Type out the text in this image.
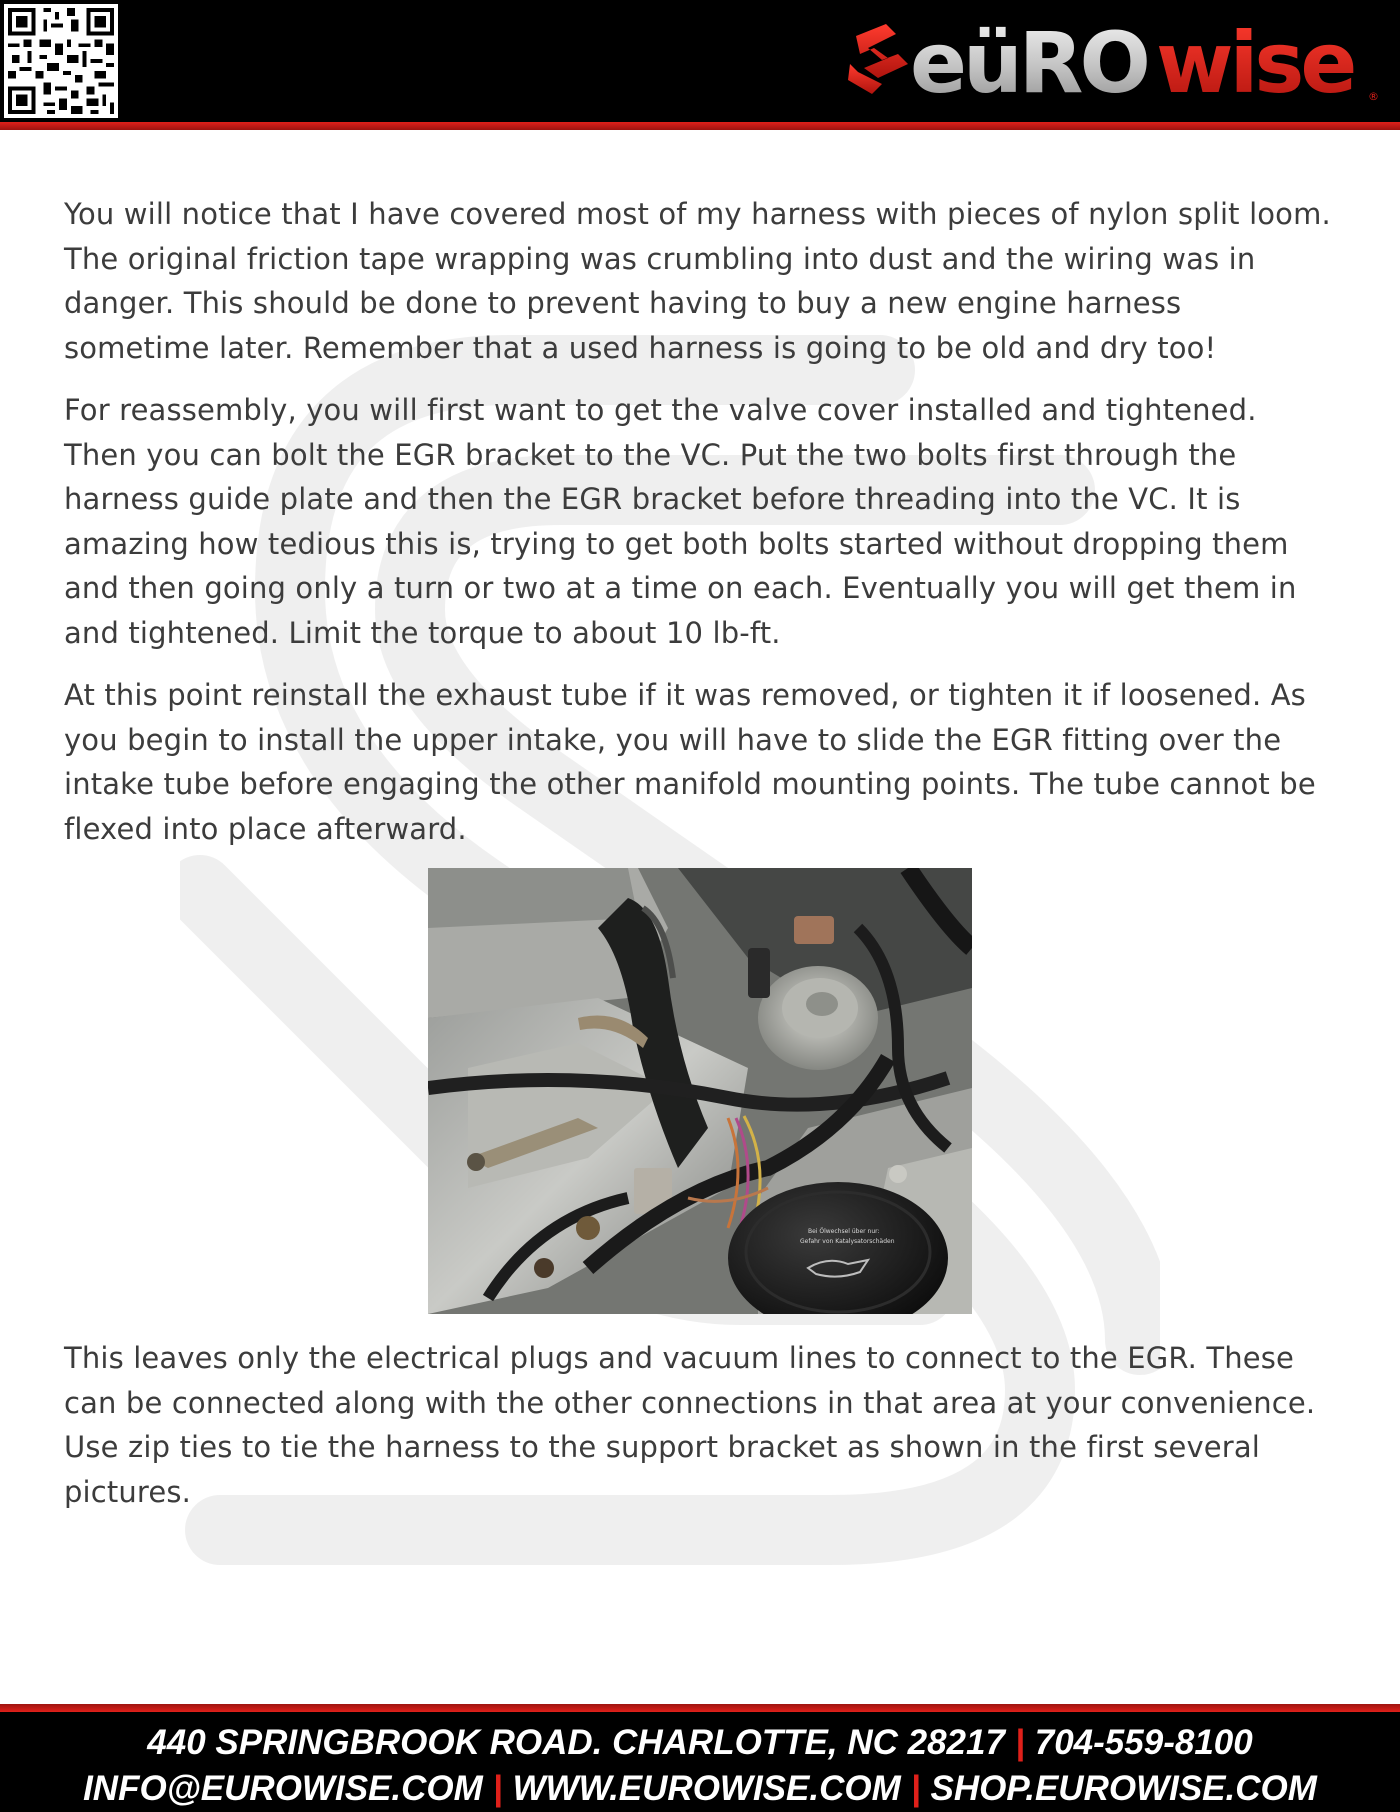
eüRO wise ®

You will notice that I have covered most of my harness with pieces of nylon split loom. The original friction tape wrapping was crumbling into dust and the wiring was in danger. This should be done to prevent having to buy a new engine harness sometime later. Remember that a used harness is going to be old and dry too!

For reassembly, you will first want to get the valve cover installed and tightened. Then you can bolt the EGR bracket to the VC. Put the two bolts first through the harness guide plate and then the EGR bracket before threading into the VC. It is amazing how tedious this is, trying to get both bolts started without dropping them and then going only a turn or two at a time on each. Eventually you will get them in and tightened. Limit the torque to about 10 lb-ft.

At this point reinstall the exhaust tube if it was removed, or tighten it if loosened. As you begin to install the upper intake, you will have to slide the EGR fitting over the intake tube before engaging the other manifold mounting points. The tube cannot be flexed into place afterward.

Bei Ölwechsel über nur:
Gefahr von Katalysatorschäden

This leaves only the electrical plugs and vacuum lines to connect to the EGR. These can be connected along with the other connections in that area at your convenience. Use zip ties to tie the harness to the support bracket as shown in the first several pictures.

440 SPRINGBROOK ROAD. CHARLOTTE, NC 28217 | 704-559-8100
INFO@EUROWISE.COM | WWW.EUROWISE.COM | SHOP.EUROWISE.COM
